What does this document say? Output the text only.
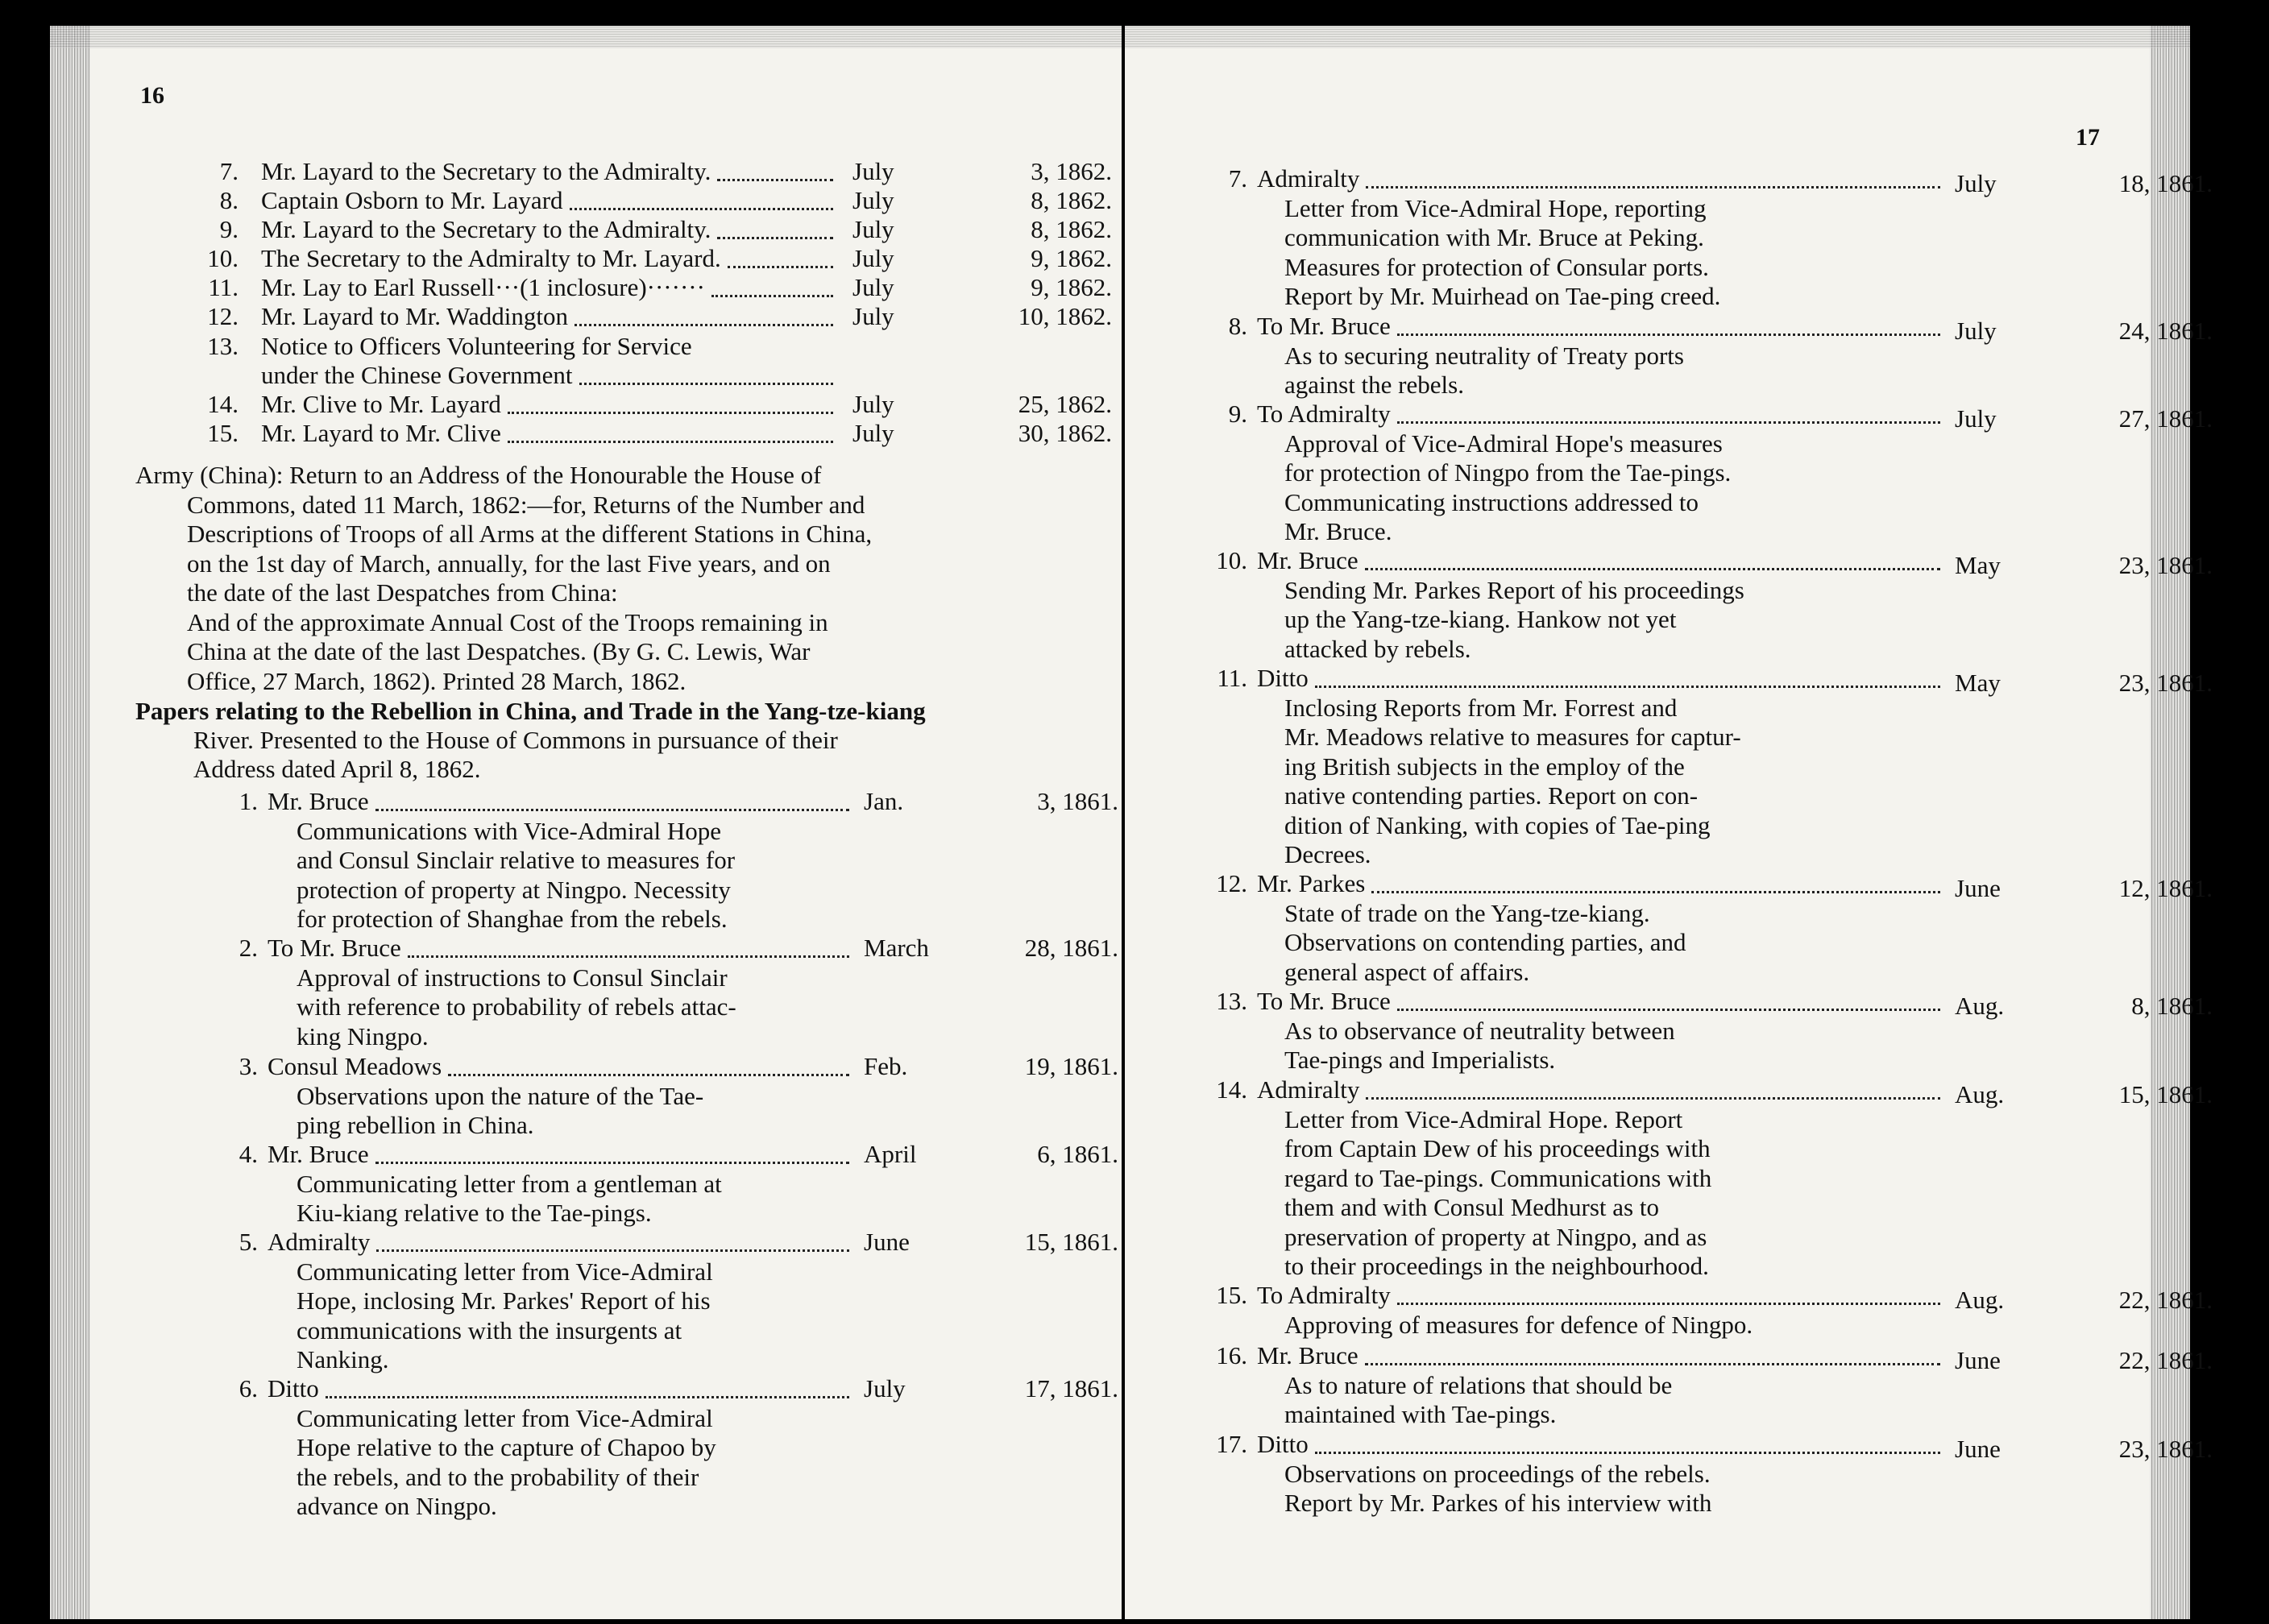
16
7. Mr. Layard to the Secretary to the Admiralty.	July	3, 1862.
8. Captain Osborn to Mr. Layard	July	8, 1862.
9. Mr. Layard to the Secretary to the Admiralty.	July	8, 1862.
10. The Secretary to the Admiralty to Mr. Layard.	July	9, 1862.
11. Mr. Lay to Earl Russell···(1 inclosure)·······	July	9, 1862.
12. Mr. Layard to Mr. Waddington	July	10, 1862.
13. Notice to Officers Volunteering for Service
under the Chinese Government
14. Mr. Clive to Mr. Layard	July	25, 1862.
15. Mr. Layard to Mr. Clive	July	30, 1862.
Army (China): Return to an Address of the Honourable the House of
Commons, dated 11 March, 1862:—for, Returns of the Number and
Descriptions of Troops of all Arms at the different Stations in China,
on the 1st day of March, annually, for the last Five years, and on
the date of the last Despatches from China:
And of the approximate Annual Cost of the Troops remaining in
China at the date of the last Despatches. (By G. C. Lewis, War
Office, 27 March, 1862). Printed 28 March, 1862.
Papers relating to the Rebellion in China, and Trade in the Yang-tze-kiang
River. Presented to the House of Commons in pursuance of their
Address dated April 8, 1862.
1. Mr. Bruce	Jan.	3, 1861.
Communications with Vice-Admiral Hope
and Consul Sinclair relative to measures for
protection of property at Ningpo. Necessity
for protection of Shanghae from the rebels.
2. To Mr. Bruce	March	28, 1861.
Approval of instructions to Consul Sinclair
with reference to probability of rebels attac-
king Ningpo.
3. Consul Meadows	Feb.	19, 1861.
Observations upon the nature of the Tae-
ping rebellion in China.
4. Mr. Bruce	April	6, 1861.
Communicating letter from a gentleman at
Kiu-kiang relative to the Tae-pings.
5. Admiralty	June	15, 1861.
Communicating letter from Vice-Admiral
Hope, inclosing Mr. Parkes' Report of his
communications with the insurgents at
Nanking.
6. Ditto	July	17, 1861.
Communicating letter from Vice-Admiral
Hope relative to the capture of Chapoo by
the rebels, and to the probability of their
advance on Ningpo.
17
7. Admiralty	July	18, 1861.
Letter from Vice-Admiral Hope, reporting
communication with Mr. Bruce at Peking.
Measures for protection of Consular ports.
Report by Mr. Muirhead on Tae-ping creed.
8. To Mr. Bruce	July	24, 1861.
As to securing neutrality of Treaty ports
against the rebels.
9. To Admiralty	July	27, 1861.
Approval of Vice-Admiral Hope's measures
for protection of Ningpo from the Tae-pings.
Communicating instructions addressed to
Mr. Bruce.
10. Mr. Bruce	May	23, 1861.
Sending Mr. Parkes Report of his proceedings
up the Yang-tze-kiang. Hankow not yet
attacked by rebels.
11. Ditto	May	23, 1861.
Inclosing Reports from Mr. Forrest and
Mr. Meadows relative to measures for captur-
ing British subjects in the employ of the
native contending parties. Report on con-
dition of Nanking, with copies of Tae-ping
Decrees.
12. Mr. Parkes	June	12, 1861.
State of trade on the Yang-tze-kiang.
Observations on contending parties, and
general aspect of affairs.
13. To Mr. Bruce	Aug.	8, 1861.
As to observance of neutrality between
Tae-pings and Imperialists.
14. Admiralty	Aug.	15, 1861.
Letter from Vice-Admiral Hope. Report
from Captain Dew of his proceedings with
regard to Tae-pings. Communications with
them and with Consul Medhurst as to
preservation of property at Ningpo, and as
to their proceedings in the neighbourhood.
15. To Admiralty	Aug.	22, 1861.
Approving of measures for defence of Ningpo.
16. Mr. Bruce	June	22, 1861.
As to nature of relations that should be
maintained with Tae-pings.
17. Ditto	June	23, 1861.
Observations on proceedings of the rebels.
Report by Mr. Parkes of his interview with
